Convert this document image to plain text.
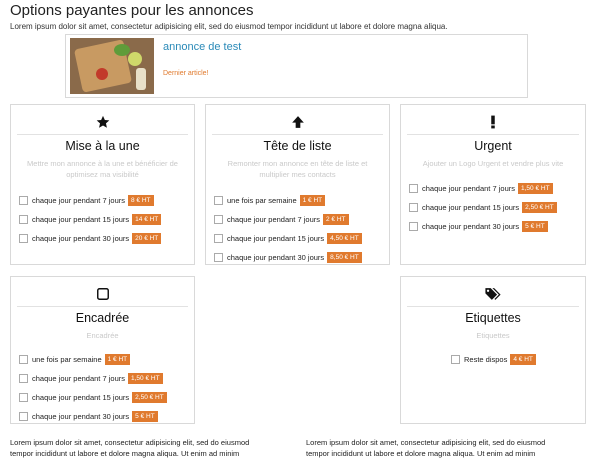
Options payantes pour les annonces
Lorem ipsum dolor sit amet, consectetur adipisicing elit, sed do eiusmod tempor incididunt ut labore et dolore magna aliqua.
annonce de test
Dernier article!
Mise à la une
Mettre mon annonce à la une et bénéficier de optimisez ma visibilité
chaque jour pendant 7 jours 8 € HT
chaque jour pendant 15 jours 14 € HT
chaque jour pendant 30 jours 20 € HT
Tête de liste
Remonter mon annonce en tête de liste et multiplier mes contacts
une fois par semaine 1 € HT
chaque jour pendant 7 jours 2 € HT
chaque jour pendant 15 jours 4,50 € HT
chaque jour pendant 30 jours 8,50 € HT
Urgent
Ajouter un Logo Urgent et vendre plus vite
chaque jour pendant 7 jours 1,50 € HT
chaque jour pendant 15 jours 2,50 € HT
chaque jour pendant 30 jours 5 € HT
Encadrée
Encadrée
une fois par semaine 1 € HT
chaque jour pendant 7 jours 1,50 € HT
chaque jour pendant 15 jours 2,50 € HT
chaque jour pendant 30 jours 5 € HT
Etiquettes
Etiquettes
Reste dispos 4 € HT
Lorem ipsum dolor sit amet, consectetur adipisicing elit, sed do eiusmod
tempor incididunt ut labore et dolore magna aliqua. Ut enim ad minim
Lorem ipsum dolor sit amet, consectetur adipisicing elit, sed do eiusmod
tempor incididunt ut labore et dolore magna aliqua. Ut enim ad minim
